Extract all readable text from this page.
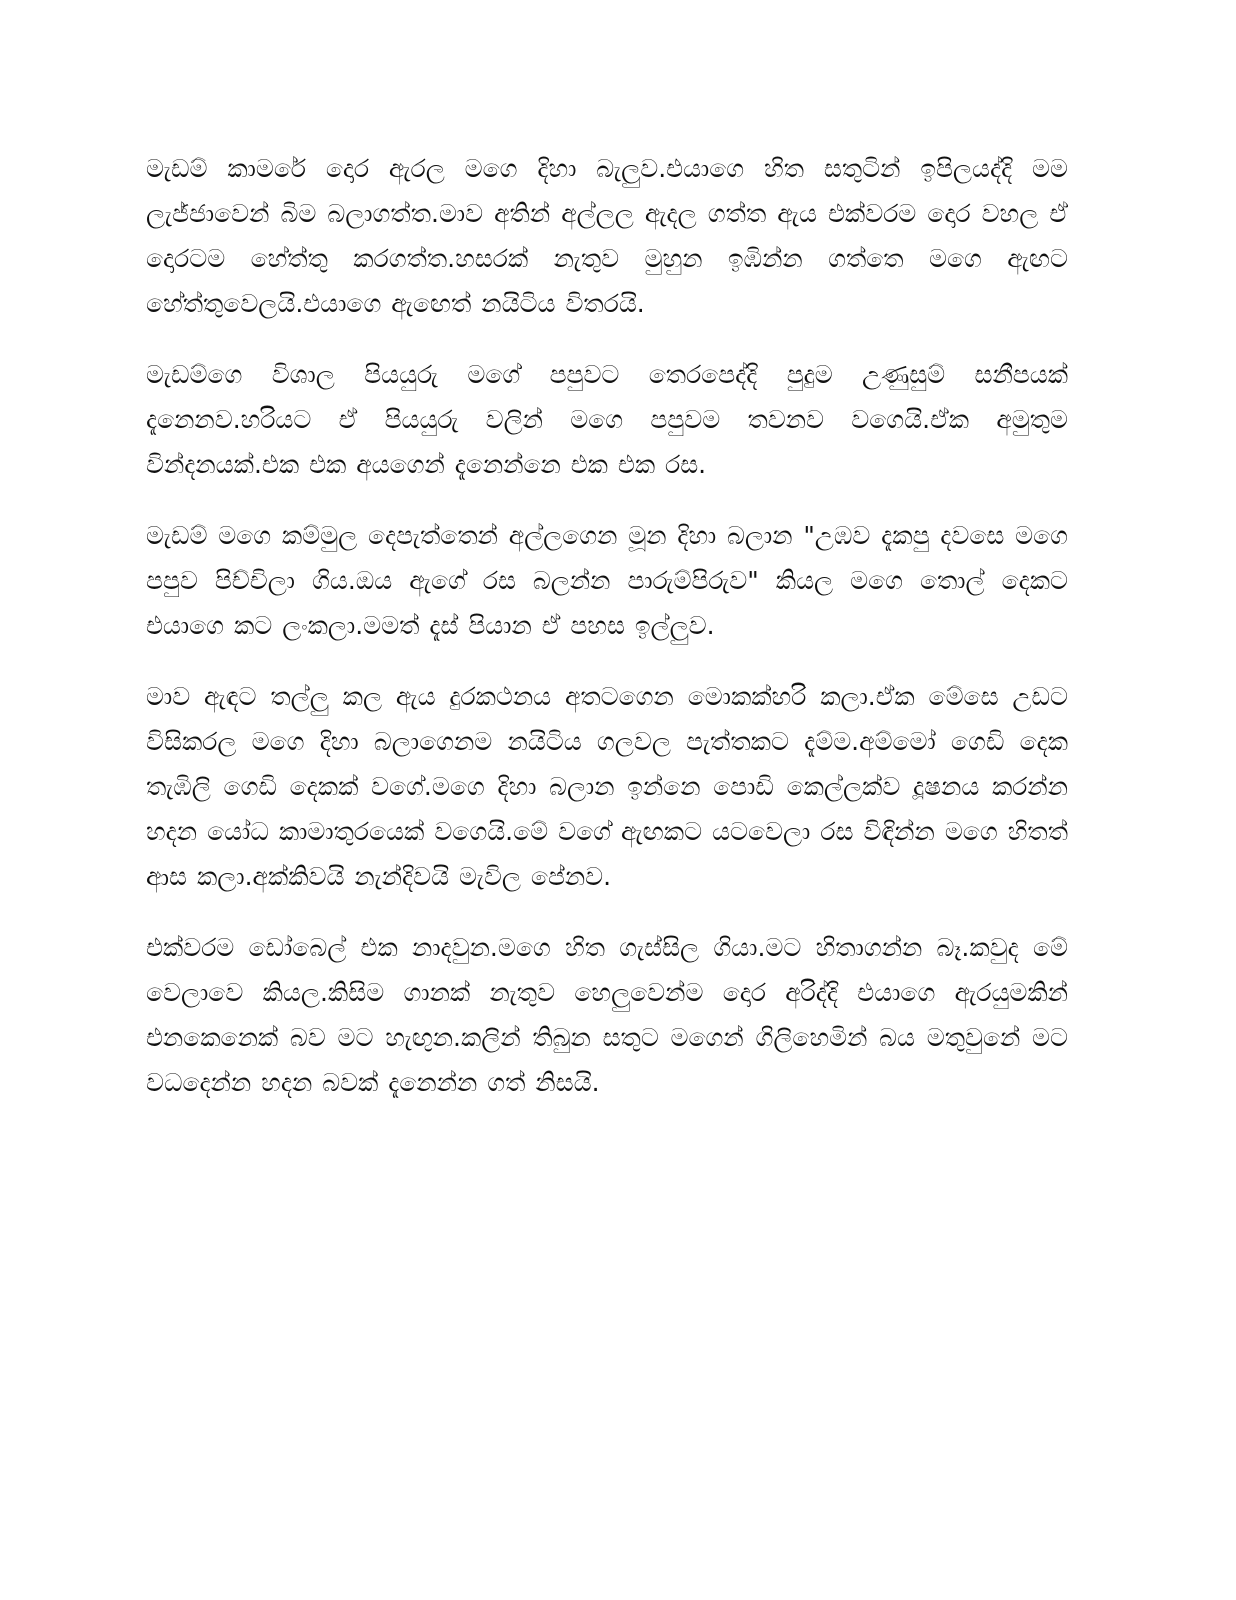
මැඩම් කාමරේ දොර ඇරල මගෙ දිහා බැලුව.එයාගෙ හිත සතුටින් ඉපිලයද්දි මම ලැජ්ජාවෙන් බිම බලාගත්ත.මාව අතින් අල්ලල ඇදල ගත්ත ඇය එක්වරම දොර වහල ඒ දොරටම හේත්තු කරගත්ත.හසරක් නැතුව මුහුන ඉඹින්න ගත්තෙ මගෙ ඇඟට හේත්තුවෙලයි.එයාගෙ ඇඟෙත් නයිටිය විතරයි.

මැඩම්ගෙ විශාල පියයුරු මගේ පපුවට තෙරපෙද්දි පුදුම උණුසුම් සනීපයක් දැනෙනව.හරියට ඒ පියයුරු වලින් මගෙ පපුවම තවනව වගෙයි.ඒක අමුතුම වින්දනයක්.එක එක අයගෙන් දැනෙන්නෙ එක එක රස.

මැඩම් මගෙ කම්මුල දෙපැත්තෙන් අල්ලගෙන මූන දිහා බලාන "උඹව දැකපු දවසෙ මගෙ පපුව පිච්චිලා ගිය.ඔය ඇගේ රස බලන්න පාරුම්පිරුව" කියල මගෙ තොල් දෙකට එයාගෙ කට ලංකලා.මමත් දැස් පියාන ඒ පහස ඉල්ලුව.

මාව ඇඳට තල්ලු කල ඇය දුරකථනය අතටගෙන මොකක්හරි කලා.ඒක මේසෙ උඩට විසිකරල මගෙ දිහා බලාගෙනම නයිටිය ගලවල පැත්තකට දැම්ම.අම්මෝ ගෙඩි දෙක තැඹිලි ගෙඩි දෙකක් වගේ.මගෙ දිහා බලාන ඉන්නෙ පොඩි කෙල්ලක්ව දූෂනය කරන්න හදන යෝධ කාමාතුරයෙක් වගෙයි.මේ වගේ ඇඟකට යටවෙලා රස විඳින්න මගෙ හිතත් ආස කලා.අක්කිවයි නැන්දිවයි මැවිල පේනව.

එක්වරම ඩෝබෙල් එක නාදවුන.මගෙ හිත ගැස්සිල ගියා.මට හිතාගන්න බෑ.කවුද මේ වෙලාවෙ කියල.කිසිම ගානක් නැතුව හෙලුවෙන්ම දොර අරිද්දි එයාගෙ ඇරයුමකින් එනකෙනෙක් බව මට හැඟුන.කලින් තිබුන සතුට මගෙන් ගිලිහෙමින් බය මතුවුනේ මට වධදෙන්න හදන බවක් දැනෙන්න ගත් නිසයි.
